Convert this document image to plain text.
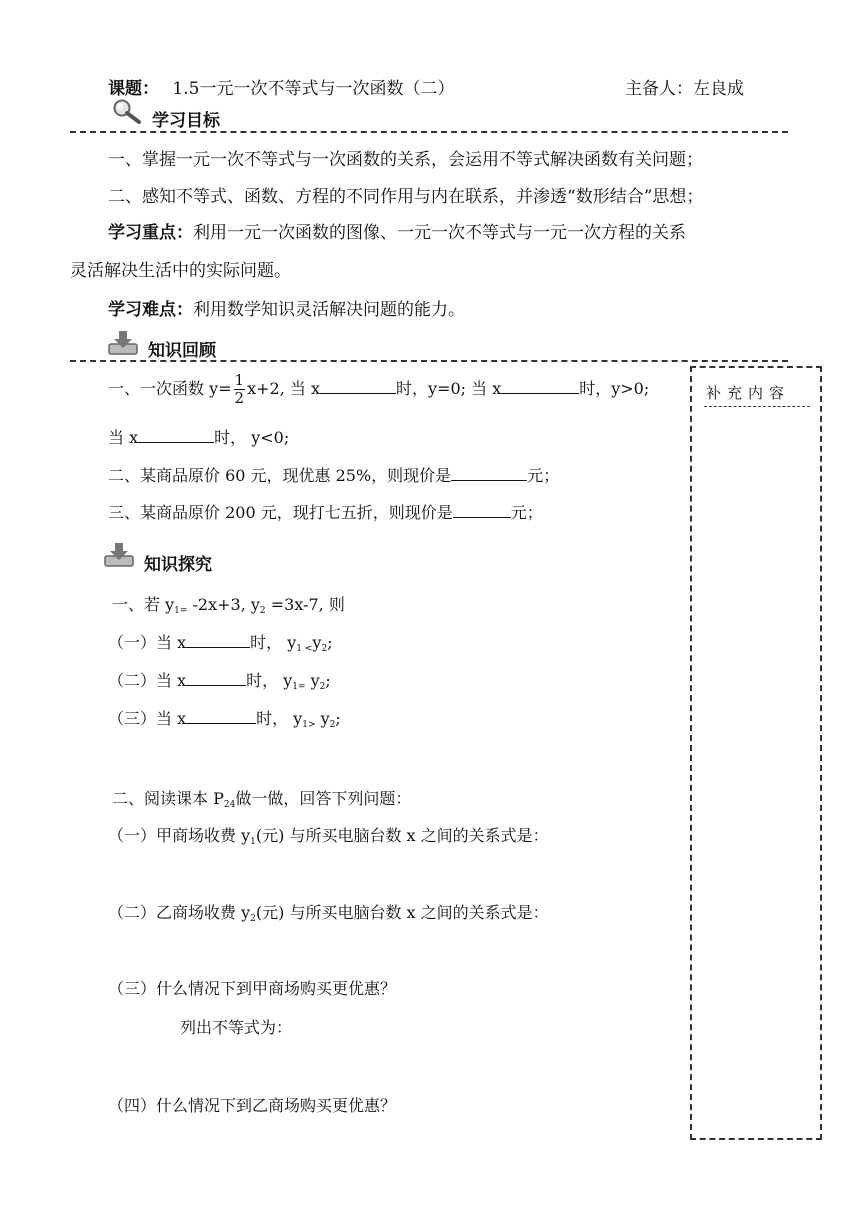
课题： 1.5一元一次不等式与一次函数（二）	主备人：左良成
学习目标
一、掌握一元一次不等式与一次函数的关系，会运用不等式解决函数有关问题；
二、感知不等式、函数、方程的不同作用与内在联系，并渗透“数形结合”思想；
学习重点：利用一元一次函数的图像、一元一次不等式与一元一次方程的关系
灵活解决生活中的实际问题。
学习难点：利用数学知识灵活解决问题的能力。
知识回顾
一、一次函数 $y= \frac{1}{2} x+2$, 当 x	时，y=0; 当 x	时，y>0;
当 x	时， y<0;
二、某商品原价 60 元，现优惠 25%，则现价是	元；
三、某商品原价 200 元，现打七五折，则现价是	元；
知识探究
一、若 $y_{1=}$ -2x+3, $y_2 =3x-7$, 则
（一）当 x	时， $y_{1 <}y_2$;
（二）当 x	时， $y_{1=}$ $y_2$;
（三）当 x	时， $y_{1>}$ $y_2$;
二、阅读课本 $P_{24}$做一做，回答下列问题：
（一）甲商场收费 $y_1$(元) 与所买电脑台数 x 之间的关系式是：
（二）乙商场收费 $y_2$(元) 与所买电脑台数 x 之间的关系式是：
（三）什么情况下到甲商场购买更优惠？
列出不等式为：
（四）什么情况下到乙商场购买更优惠？
补充内容
